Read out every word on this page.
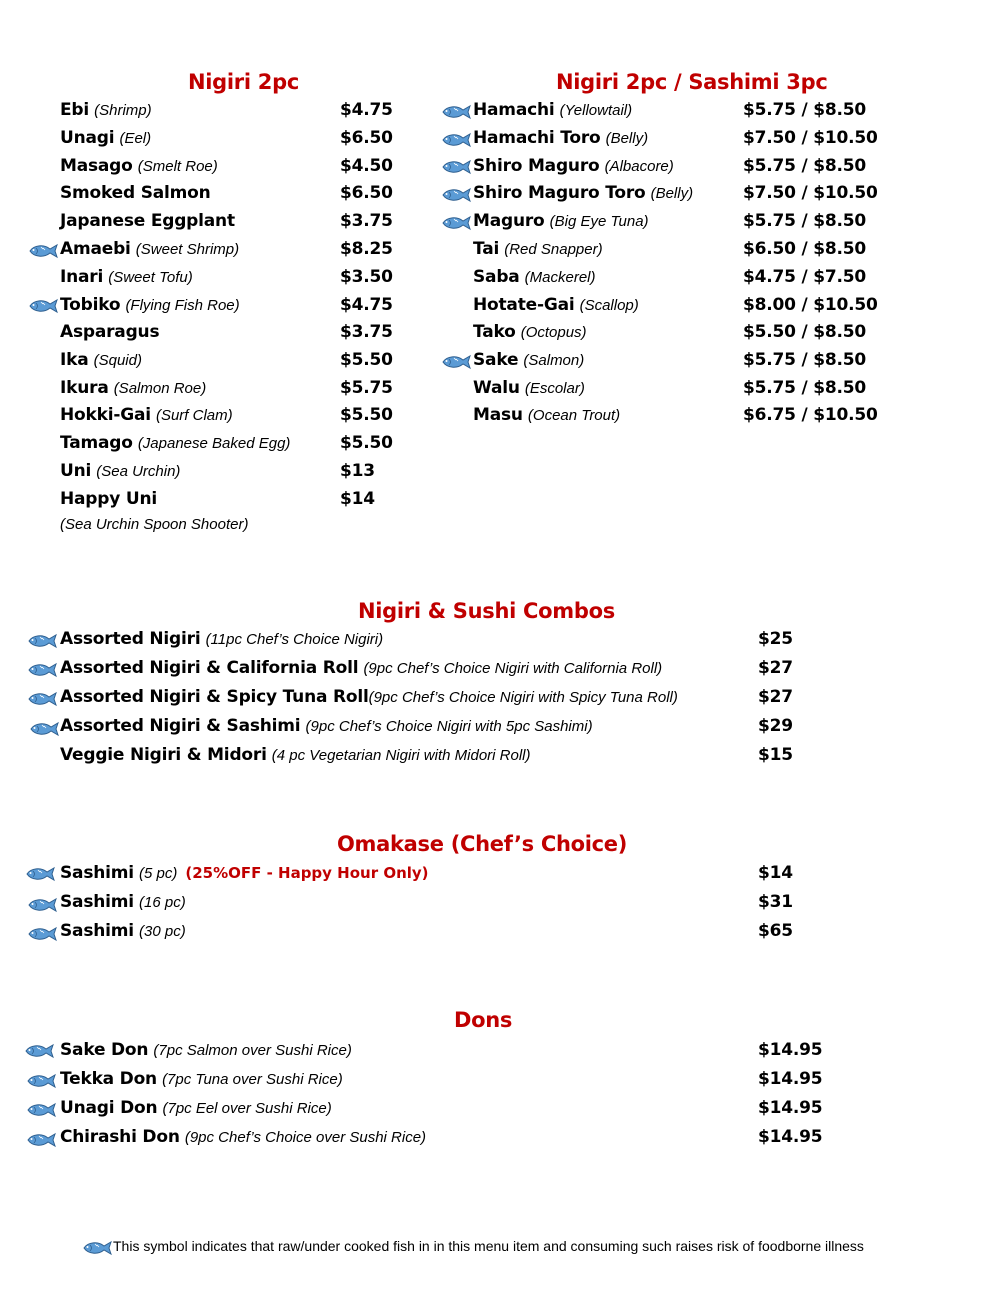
Nigiri 2pc
Ebi (Shrimp)	$4.75
Unagi (Eel)	$6.50
Masago (Smelt Roe)	$4.50
Smoked Salmon	$6.50
Japanese Eggplant	$3.75
Amaebi (Sweet Shrimp)	$8.25
Inari (Sweet Tofu)	$3.50
Tobiko (Flying Fish Roe)	$4.75
Asparagus	$3.75
Ika (Squid)	$5.50
Ikura (Salmon Roe)	$5.75
Hokki-Gai (Surf Clam)	$5.50
Tamago (Japanese Baked Egg)	$5.50
Uni (Sea Urchin)	$13
Happy Uni	$14
(Sea Urchin Spoon Shooter)
Nigiri 2pc / Sashimi 3pc
Hamachi (Yellowtail)	$5.75 / $8.50
Hamachi Toro (Belly)	$7.50 / $10.50
Shiro Maguro (Albacore)	$5.75 / $8.50
Shiro Maguro Toro (Belly)	$7.50 / $10.50
Maguro (Big Eye Tuna)	$5.75 / $8.50
Tai (Red Snapper)	$6.50 / $8.50
Saba (Mackerel)	$4.75 / $7.50
Hotate-Gai (Scallop)	$8.00 / $10.50
Tako (Octopus)	$5.50 / $8.50
Sake (Salmon)	$5.75 / $8.50
Walu (Escolar)	$5.75 / $8.50
Masu (Ocean Trout)	$6.75 / $10.50
Nigiri & Sushi Combos
Assorted Nigiri (11pc Chef’s Choice Nigiri)	$25
Assorted Nigiri & California Roll (9pc Chef’s Choice Nigiri with California Roll)	$27
Assorted Nigiri & Spicy Tuna Roll(9pc Chef’s Choice Nigiri with Spicy Tuna Roll)	$27
Assorted Nigiri & Sashimi (9pc Chef’s Choice Nigiri with 5pc Sashimi)	$29
Veggie Nigiri & Midori (4 pc Vegetarian Nigiri with Midori Roll)	$15
Omakase (Chef’s Choice)
Sashimi (5 pc) (25%OFF - Happy Hour Only)	$14
Sashimi (16 pc)	$31
Sashimi (30 pc)	$65
Dons
Sake Don (7pc Salmon over Sushi Rice)	$14.95
Tekka Don (7pc Tuna over Sushi Rice)	$14.95
Unagi Don (7pc Eel over Sushi Rice)	$14.95
Chirashi Don (9pc Chef’s Choice over Sushi Rice)	$14.95
This symbol indicates that raw/under cooked fish in in this menu item and consuming such raises risk of foodborne illness
